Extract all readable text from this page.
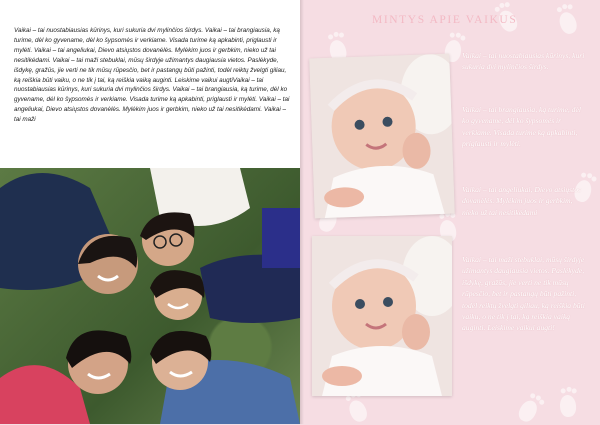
Vaikai – tai nuostabiausias kūrinys, kuri sukuria dvi mylinčios širdys. Vaikai – tai brangiausia, ką turime, dėl ko gyvename, dėl ko šypsomės ir verkiame. Visada turime ką apkabinti, priglausti ir mylėti. Vaikai – tai angeliukai, Dievo atsiųstos dovanėlės. Mylėkim juos ir gerbkim, nieko už tai nesitikėdami. Vaikai – tai maži stebuklai, mūsų širdyje užimantys daugiausia vietos. Paslėkyde, išdykę, gražūs, jie verti ne tik mūsų rūpesčio, bet ir pastangų būti pažinti, todėl reiktų žvelgti giliau, ką reiškia būti vaiku, o ne tik į tai, ką reiškia vaiką auginti. Leiskime vaikui augtiVaikai – tai nuostabiausias kūrinys, kuri sukuria dvi mylinčios širdys. Vaikai – tai brangiausia, ką turime, dėl ko gyvename, dėl ko šypsomės ir verkiame. Visada turime ką apkabinti, priglausti ir mylėti. Vaikai – tai angeliukai, Dievo atsiųstos dovanėlės. Mylėkim juos ir gerbkim, nieko už tai nesitikėdami. Vaikai – tai maži
MINTYS APIE VAIKUS
Vaikai – tai nuostabiausias kūrinys, kuri sukuria dvi mylinčios širdys.
Vaikai – tai brangiausia, ką turime, dėl ko gyvename, dėl ko šypsomės ir verkiame. Visada turime ką apkabinti, priglausti ir mylėti.
Vaikai – tai angeliukai, Dievo atsiųstos dovanėlės. Mylėkim juos ir gerbkim, nieko už tai nesitikėdami
Vaikai – tai maži stebuklai, mūsų širdyje užimantys daugiausia vietos. Paslėkyde, išdykę, gražūs, jie verti ne tik mūsų rūpesčio, bet ir pastangų būti pažinti, todėl reiktų žvelgti giliau, ką reiškia būti vaiku, o ne tik į tai, ką reiškia vaiką auginti. Leiskime vaikui augti!
